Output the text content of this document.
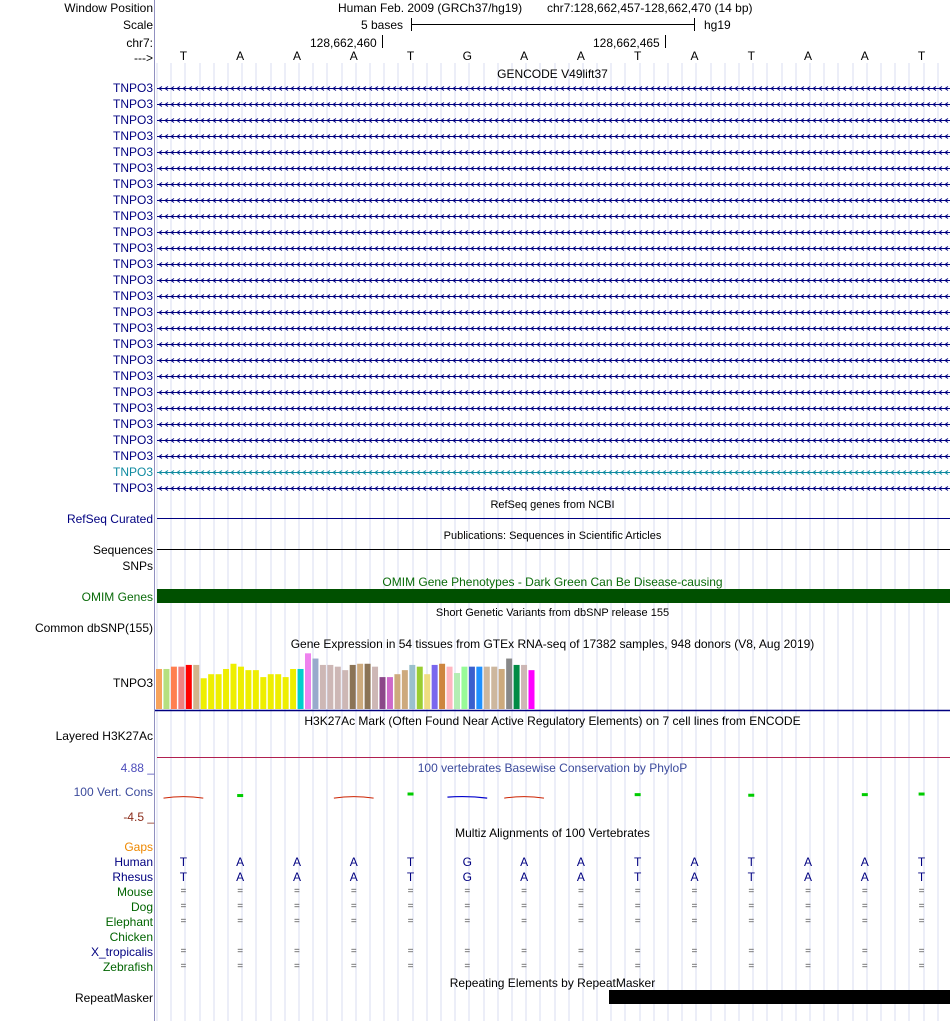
Window Position	Human Feb. 2009 (GRCh37/hg19) chr7:128,662,457-128,662,470 (14 bp)
Scale	5 bases	hg19
chr7:	128,662,460	128,662,465
--->	T	A	A	A	T	G	A	A	T	A	T	A	A	T
GENCODE V49lift37
TNPO3
TNPO3
TNPO3
TNPO3
TNPO3
TNPO3
TNPO3
TNPO3
TNPO3
TNPO3
TNPO3
TNPO3
TNPO3
TNPO3
TNPO3
TNPO3
TNPO3
TNPO3
TNPO3
TNPO3
TNPO3
TNPO3
TNPO3
TNPO3
TNPO3
TNPO3
RefSeq genes from NCBI
RefSeq Curated
Publications: Sequences in Scientific Articles
Sequences
SNPs
OMIM Gene Phenotypes - Dark Green Can Be Disease-causing
OMIM Genes
Short Genetic Variants from dbSNP release 155
Common dbSNP(155)
Gene Expression in 54 tissues from GTEx RNA-seq of 17382 samples, 948 donors (V8, Aug 2019)
TNPO3
H3K27Ac Mark (Often Found Near Active Regulatory Elements) on 7 cell lines from ENCODE
Layered H3K27Ac
100 vertebrates Basewise Conservation by PhyloP
4.88 _
100 Vert. Cons
-4.5 _
Multiz Alignments of 100 Vertebrates
Gaps
Human	T	A	A	A	T	G	A	A	T	A	T	A	A	T
Rhesus	T	A	A	A	T	G	A	A	T	A	T	A	A	T
Mouse	=	=	=	=	=	=	=	=	=	=	=	=	=	=
Dog	=	=	=	=	=	=	=	=	=	=	=	=	=	=
Elephant	=	=	=	=	=	=	=	=	=	=	=	=	=	=
Chicken
X_tropicalis	=	=	=	=	=	=	=	=	=	=	=	=	=	=
Zebrafish	=	=	=	=	=	=	=	=	=	=	=	=	=	=
Repeating Elements by RepeatMasker
RepeatMasker
